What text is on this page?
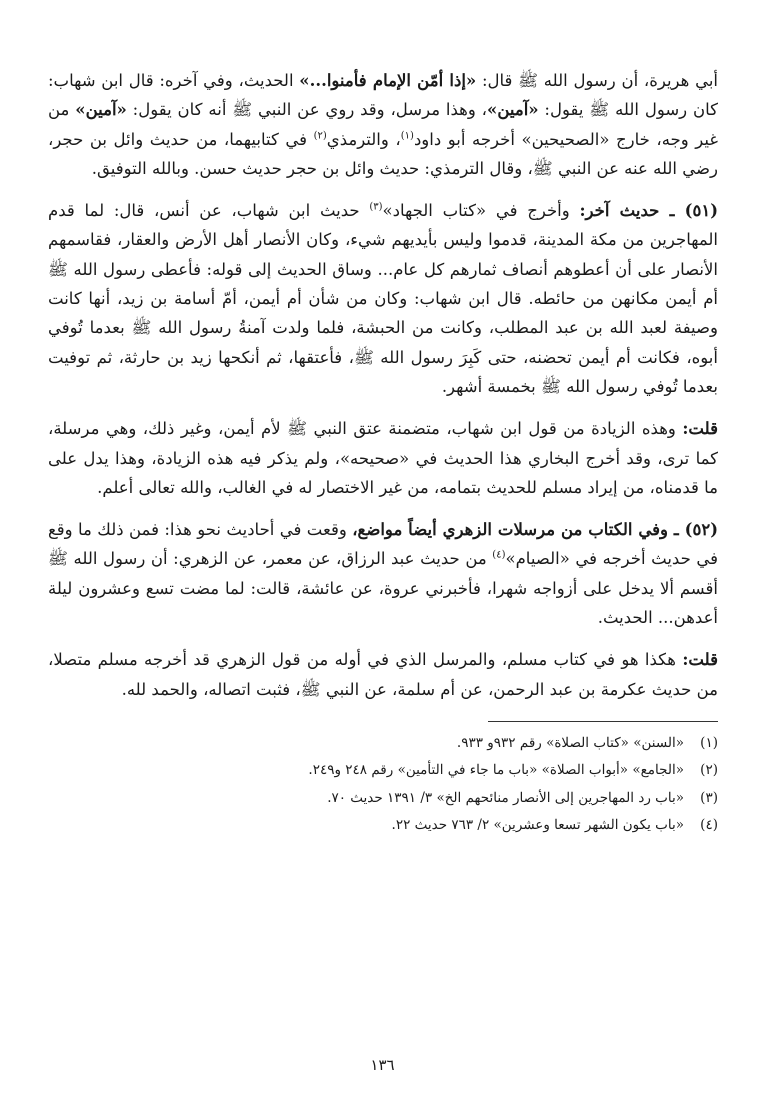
أبي هريرة، أن رسول الله ﷺ قال: «إذا أمّن الإمام فأمنوا...» الحديث، وفي آخره: قال ابن شهاب: كان رسول الله ﷺ يقول: «آمين»، وهذا مرسل، وقد روي عن النبي ﷺ أنه كان يقول: «آمين» من غير وجه، خارج «الصحيحين» أخرجه أبو داود$^{(١)}$، والترمذي$^{(٢)}$ في كتابيهما، من حديث وائل بن حجر، رضي الله عنه عن النبي ﷺ، وقال الترمذي: حديث وائل بن حجر حديث حسن. وبالله التوفيق.

(٥١) ـ حديث آخر: وأخرج في «كتاب الجهاد»$^{(٣)}$ حديث ابن شهاب، عن أنس، قال: لما قدم المهاجرين من مكة المدينة، قدموا وليس بأيديهم شيء، وكان الأنصار أهل الأرض والعقار، فقاسمهم الأنصار على أن أعطوهم أنصاف ثمارهم كل عام... وساق الحديث إلى قوله: فأعطى رسول الله ﷺ أم أيمن مكانهن من حائطه. قال ابن شهاب: وكان من شأن أم أيمن، أمّ أسامة بن زيد، أنها كانت وصيفة لعبد الله بن عبد المطلب، وكانت من الحبشة، فلما ولدت آمنةُ رسول الله ﷺ بعدما تُوفي أبوه، فكانت أم أيمن تحضنه، حتى كَبِرَ رسول الله ﷺ، فأعتقها، ثم أنكحها زيد بن حارثة، ثم توفيت بعدما تُوفي رسول الله ﷺ بخمسة أشهر.

قلت: وهذه الزيادة من قول ابن شهاب، متضمنة عتق النبي ﷺ لأم أيمن، وغير ذلك، وهي مرسلة، كما ترى، وقد أخرج البخاري هذا الحديث في «صحيحه»، ولم يذكر فيه هذه الزيادة، وهذا يدل على ما قدمناه، من إيراد مسلم للحديث بتمامه، من غير الاختصار له في الغالب، والله تعالى أعلم.

(٥٢) ـ وفي الكتاب من مرسلات الزهري أيضاً مواضع، وقعت في أحاديث نحو هذا: فمن ذلك ما وقع في حديث أخرجه في «الصيام»$^{(٤)}$ من حديث عبد الرزاق، عن معمر، عن الزهري: أن رسول الله ﷺ أقسم ألا يدخل على أزواجه شهرا، فأخبرني عروة، عن عائشة، قالت: لما مضت تسع وعشرون ليلة أعدهن... الحديث.

قلت: هكذا هو في كتاب مسلم، والمرسل الذي في أوله من قول الزهري قد أخرجه مسلم متصلا، من حديث عكرمة بن عبد الرحمن، عن أم سلمة، عن النبي ﷺ، فثبت اتصاله، والحمد لله.

(١)«السنن» «كتاب الصلاة» رقم ٩٣٢و ٩٣٣.

(٢)«الجامع» «أبواب الصلاة» «باب ما جاء في التأمين» رقم ٢٤٨ و٢٤٩.

(٣)«باب رد المهاجرين إلى الأنصار منائحهم الخ» ٣/ ١٣٩١ حديث ٧٠.

(٤)«باب يكون الشهر تسعا وعشرين» ٢/ ٧٦٣ حديث ٢٢.

١٣٦
